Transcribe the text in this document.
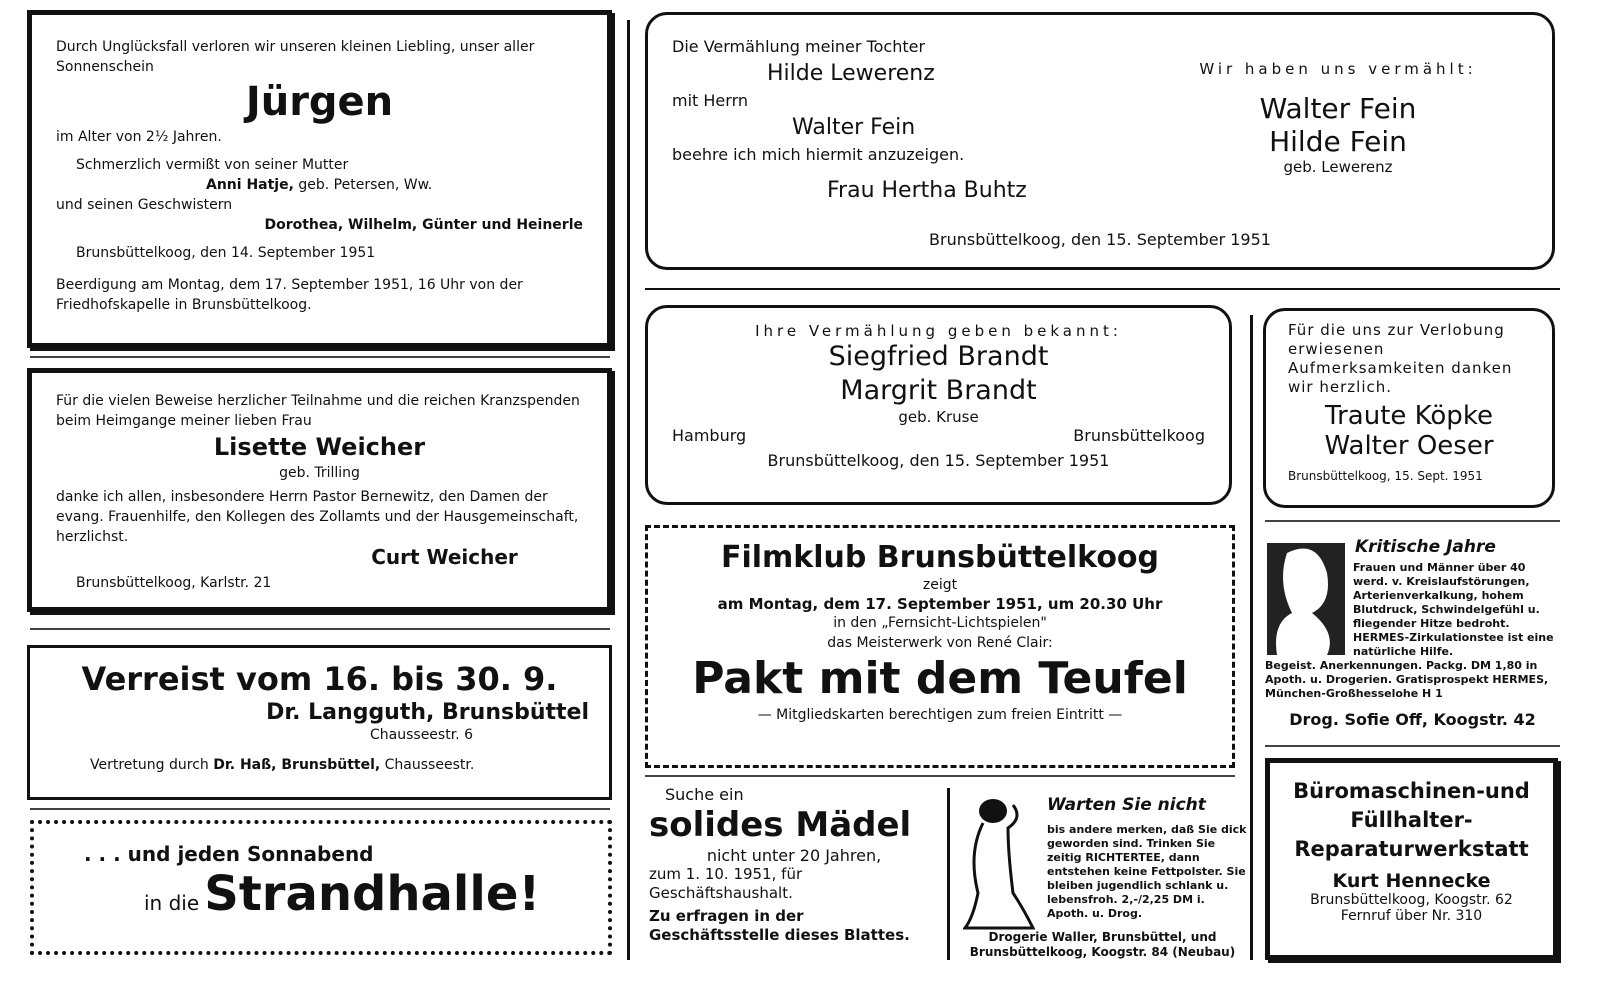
Durch Unglücksfall verloren wir unseren kleinen Liebling, unser aller Sonnenschein
Jürgen
im Alter von 2½ Jahren.
Schmerzlich vermißt von seiner Mutter
Anni Hatje, geb. Petersen, Ww.
und seinen Geschwistern
Dorothea, Wilhelm, Günter und Heinerle
Brunsbüttelkoog, den 14. September 1951
Beerdigung am Montag, dem 17. September 1951, 16 Uhr von der Friedhofskapelle in Brunsbüttelkoog.
Für die vielen Beweise herzlicher Teilnahme und die reichen Kranzspenden beim Heimgange meiner lieben Frau
Lisette Weicher
geb. Trilling
danke ich allen, insbesondere Herrn Pastor Bernewitz, den Damen der evang. Frauenhilfe, den Kollegen des Zollamts und der Hausgemeinschaft, herzlichst.
Curt Weicher
Brunsbüttelkoog, Karlstr. 21
Verreist vom 16. bis 30. 9.
Dr. Langguth, Brunsbüttel
Chausseestr. 6
Vertretung durch Dr. Haß, Brunsbüttel, Chausseestr.
. . . und jeden Sonnabend
in die Strandhalle!
Die Vermählung meiner Tochter
Hilde Lewerenz
mit Herrn
Walter Fein
beehre ich mich hiermit anzuzeigen.
Frau Hertha Buhtz
Wir haben uns vermählt:
Walter Fein
Hilde Fein
geb. Lewerenz
Brunsbüttelkoog, den 15. September 1951
Ihre Vermählung geben bekannt:
Siegfried Brandt
Margrit Brandt
geb. Kruse
Hamburg	Brunsbüttelkoog
Brunsbüttelkoog, den 15. September 1951
Für die uns zur Verlobung erwiesenen Aufmerksamkeiten danken wir herzlich.
Traute Köpke
Walter Oeser
Brunsbüttelkoog, 15. Sept. 1951
Filmklub Brunsbüttelkoog
zeigt
am Montag, dem 17. September 1951, um 20.30 Uhr
in den „Fernsicht-Lichtspielen"
das Meisterwerk von René Clair:
Pakt mit dem Teufel
— Mitgliedskarten berechtigen zum freien Eintritt —
Suche ein
solides Mädel
nicht unter 20 Jahren,
zum 1. 10. 1951, für Geschäftshaushalt.
Zu erfragen in der Geschäftsstelle dieses Blattes.
Warten Sie nicht
bis andere merken, daß Sie dick geworden sind. Trinken Sie zeitig RICHTERTEE, dann entstehen keine Fettpolster. Sie bleiben jugendlich schlank u. lebensfroh. 2,-/2,25 DM i. Apoth. u. Drog.
Drogerie Waller, Brunsbüttel, und Brunsbüttelkoog, Koogstr. 84 (Neubau)
Kritische Jahre
Frauen und Männer über 40 werd. v. Kreislaufstörungen, Arterienverkalkung, hohem Blutdruck, Schwindelgefühl u. fliegender Hitze bedroht. HERMES-Zirkulationstee ist eine natürliche Hilfe.
Begeist. Anerkennungen. Packg. DM 1,80 in Apoth. u. Drogerien. Gratisprospekt HERMES, München-Großhesselohe H 1
Drog. Sofie Off, Koogstr. 42
Büromaschinen-und Füllhalter-Reparaturwerkstatt
Kurt Hennecke
Brunsbüttelkoog, Koogstr. 62
Fernruf über Nr. 310
